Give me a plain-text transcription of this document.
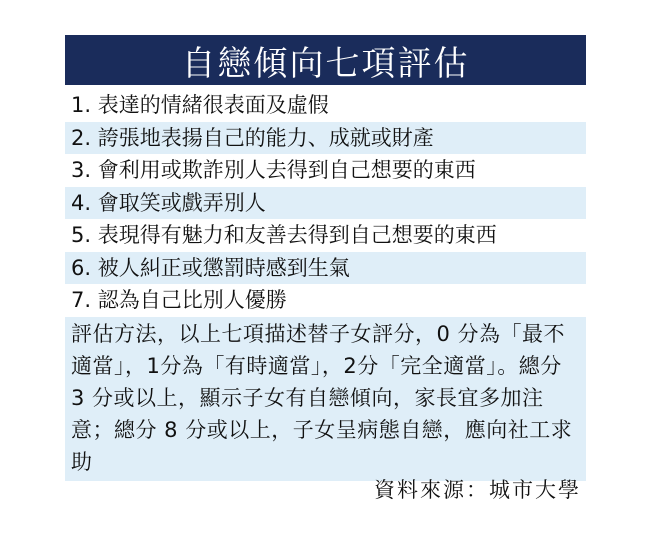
自戀傾向七項評估
1. 表達的情緒很表面及虛假
2. 誇張地表揚自己的能力、成就或財產
3. 會利用或欺詐別人去得到自己想要的東西
4. 會取笑或戲弄別人
5. 表現得有魅力和友善去得到自己想要的東西
6. 被人糾正或懲罰時感到生氣
7. 認為自己比別人優勝
評估方法，以上七項描述替子女評分，0 分為「最不適當」，1分為「有時適當」，2分「完全適當」。總分 3 分或以上，顯示子女有自戀傾向，家長宜多加注意；總分 8 分或以上，子女呈病態自戀，應向社工求助
資料來源：城市大學
